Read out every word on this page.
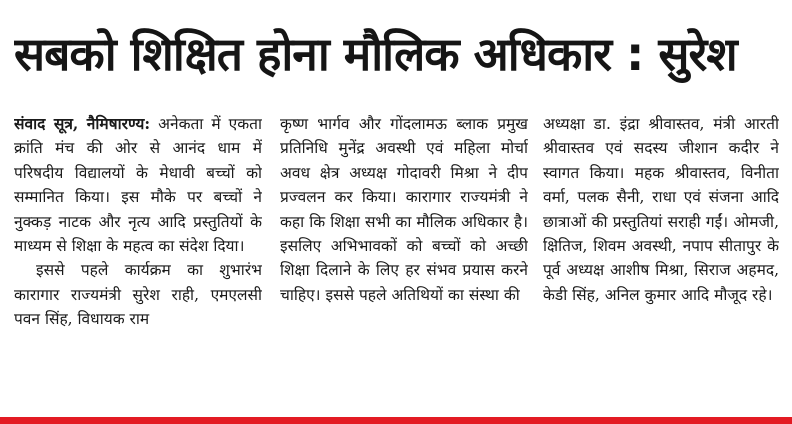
सबको शिक्षित होना मौलिक अधिकार : सुरेश

संवाद सूत्र, नैमिषारण्य: अनेकता में एकता क्रांति मंच की ओर से आनंद धाम में परिषदीय विद्यालयों के मेधावी बच्चों को सम्मानित किया। इस मौके पर बच्चों ने नुक्कड़ नाटक और नृत्य आदि प्रस्तुतियों के माध्यम से शिक्षा के महत्व का संदेश दिया।

इससे पहले कार्यक्रम का शुभारंभ कारागार राज्यमंत्री सुरेश राही, एमएलसी पवन सिंह, विधायक राम

कृष्ण भार्गव और गोंदलामऊ ब्लाक प्रमुख प्रतिनिधि मुनेंद्र अवस्थी एवं महिला मोर्चा अवध क्षेत्र अध्यक्ष गोदावरी मिश्रा ने दीप प्रज्वलन कर किया। कारागार राज्यमंत्री ने कहा कि शिक्षा सभी का मौलिक अधिकार है। इसलिए अभिभावकों को बच्चों को अच्छी शिक्षा दिलाने के लिए हर संभव प्रयास करने चाहिए। इससे पहले अतिथियों का संस्था की

अध्यक्षा डा. इंद्रा श्रीवास्तव, मंत्री आरती श्रीवास्तव एवं सदस्य जीशान कदीर ने स्वागत किया। महक श्रीवास्तव, विनीता वर्मा, पलक सैनी, राधा एवं संजना आदि छात्राओं की प्रस्तुतियां सराही गईं। ओमजी, क्षितिज, शिवम अवस्थी, नपाप सीतापुर के पूर्व अध्यक्ष आशीष मिश्रा, सिराज अहमद, केडी सिंह, अनिल कुमार आदि मौजूद रहे।
